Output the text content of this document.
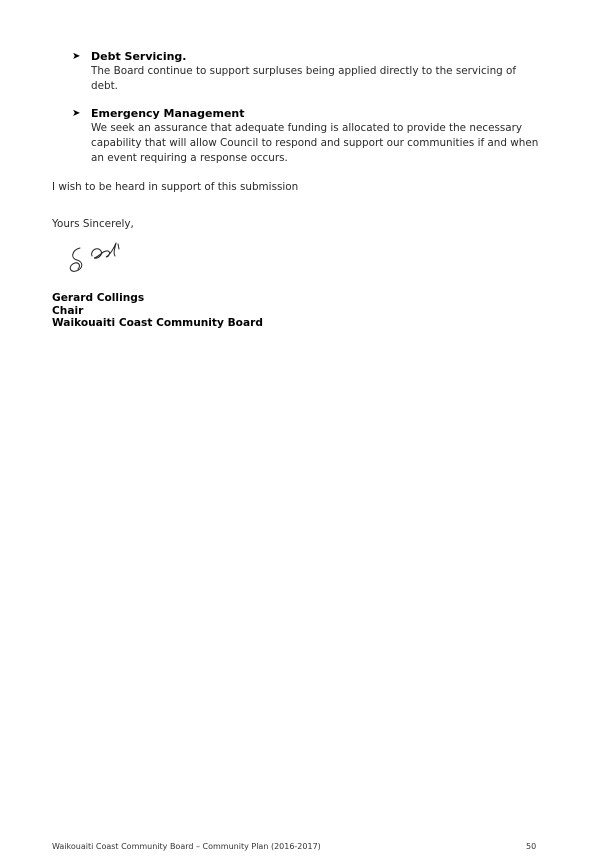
➤ Debt Servicing.
The Board continue to support surpluses being applied directly to the servicing of debt.
➤ Emergency Management
We seek an assurance that adequate funding is allocated to provide the necessary capability that will allow Council to respond and support our communities if and when an event requiring a response occurs.
I wish to be heard in support of this submission
Yours Sincerely,
Gerard Collings
Chair
Waikouaiti Coast Community Board
Waikouaiti Coast Community Board – Community Plan (2016-2017)	50
